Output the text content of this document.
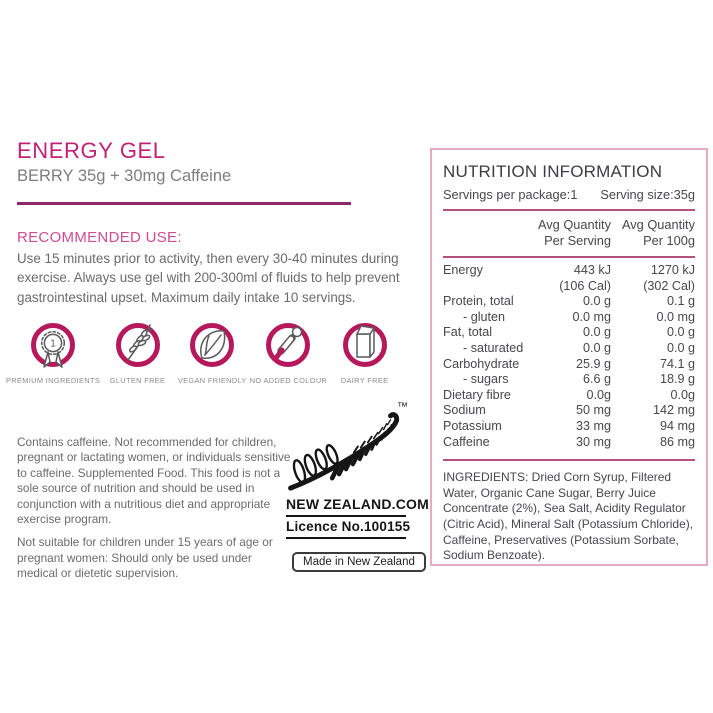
ENERGY GEL
BERRY 35g + 30mg Caffeine
RECOMMENDED USE:
Use 15 minutes prior to activity, then every 30-40 minutes during exercise. Always use gel with 200-300ml of fluids to help prevent gastrointestinal upset. Maximum daily intake 10 servings.
1
PREMIUM INGREDIENTS GLUTEN FREE VEGAN FRIENDLY NO ADDED COLOUR DAIRY FREE
Contains caffeine. Not recommended for children, pregnant or lactating women, or individuals sensitive to caffeine. Supplemented Food. This food is not a sole source of nutrition and should be used in conjunction with a nutritious diet and appropriate exercise program.
Not suitable for children under 15 years of age or pregnant women: Should only be used under medical or dietetic supervision.
™
NEW ZEALAND.COM
Licence No.100155
Made in New Zealand
NUTRITION INFORMATION
Servings per package:1 Serving size:35g
Avg Quantity
Per Serving
Avg Quantity
Per 100g
Energy	443 kJ	1270 kJ
(106 Cal)	(302 Cal)
Protein, total	0.0 g	0.1 g
- gluten	0.0 mg	0.0 mg
Fat, total	0.0 g	0.0 g
- saturated	0.0 g	0.0 g
Carbohydrate	25.9 g	74.1 g
- sugars	6.6 g	18.9 g
Dietary fibre	0.0g	0.0g
Sodium	50 mg	142 mg
Potassium	33 mg	94 mg
Caffeine	30 mg	86 mg
INGREDIENTS: Dried Corn Syrup, Filtered Water, Organic Cane Sugar, Berry Juice Concentrate (2%), Sea Salt, Acidity Regulator (Citric Acid), Mineral Salt (Potassium Chloride), Caffeine, Preservatives (Potassium Sorbate, Sodium Benzoate).
